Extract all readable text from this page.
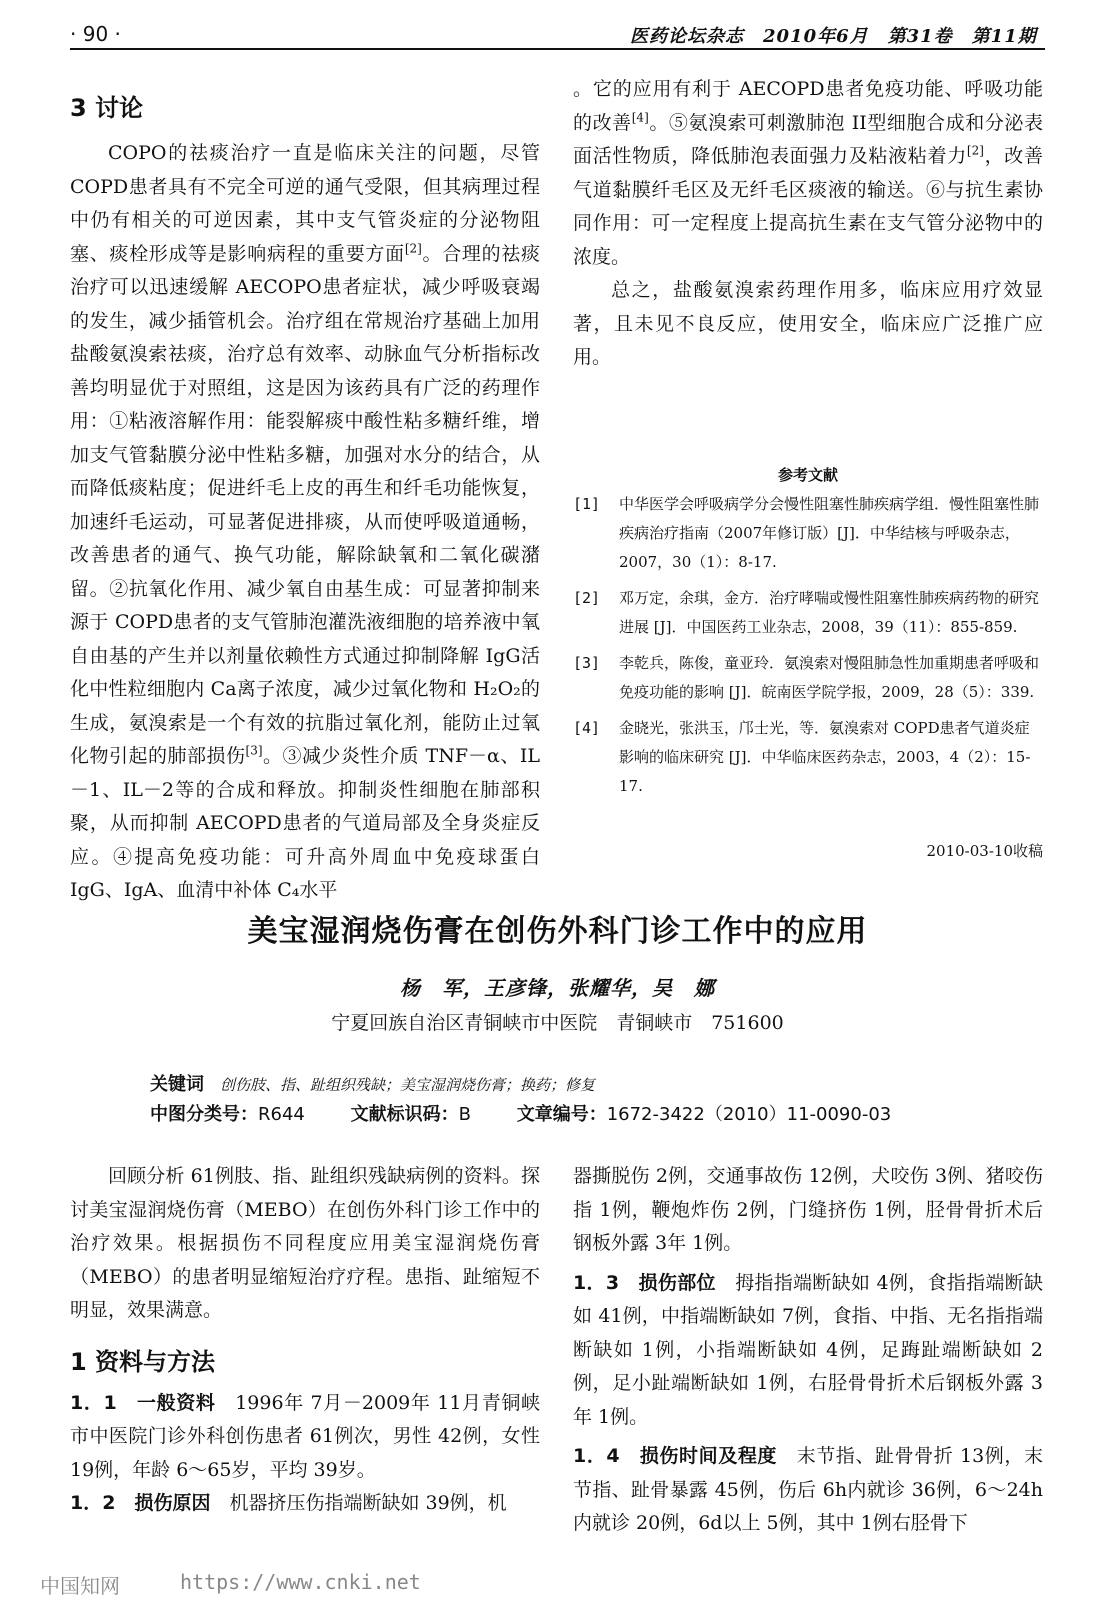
· 90 ·	医药论坛杂志　2010年6月　第31卷　第11期
3 讨论

COPO的祛痰治疗一直是临床关注的问题，尽管 COPD患者具有不完全可逆的通气受限，但其病理过程中仍有相关的可逆因素，其中支气管炎症的分泌物阻塞、痰栓形成等是影响病程的重要方面[2]。合理的祛痰治疗可以迅速缓解 AECOPO患者症状，减少呼吸衰竭的发生，减少插管机会。治疗组在常规治疗基础上加用盐酸氨溴索祛痰，治疗总有效率、动脉血气分析指标改善均明显优于对照组，这是因为该药具有广泛的药理作用：①粘液溶解作用：能裂解痰中酸性粘多糖纤维，增加支气管黏膜分泌中性粘多糖，加强对水分的结合，从而降低痰粘度；促进纤毛上皮的再生和纤毛功能恢复，加速纤毛运动，可显著促进排痰，从而使呼吸道通畅，改善患者的通气、换气功能，解除缺氧和二氧化碳潴留。②抗氧化作用、减少氧自由基生成：可显著抑制来源于 COPD患者的支气管肺泡灌洗液细胞的培养液中氧自由基的产生并以剂量依赖性方式通过抑制降解 IgG活化中性粒细胞内 Ca离子浓度，减少过氧化物和 H₂O₂的生成，氨溴索是一个有效的抗脂过氧化剂，能防止过氧化物引起的肺部损伤[3]。③减少炎性介质 TNF－α、IL－1、IL－2等的合成和释放。抑制炎性细胞在肺部积聚，从而抑制 AECOPD患者的气道局部及全身炎症反应。④提高免疫功能：可升高外周血中免疫球蛋白 IgG、IgA、血清中补体 C₄水平

。它的应用有利于 AECOPD患者免疫功能、呼吸功能的改善[4]。⑤氨溴索可刺激肺泡 II型细胞合成和分泌表面活性物质，降低肺泡表面强力及粘液粘着力[2]，改善气道黏膜纤毛区及无纤毛区痰液的输送。⑥与抗生素协同作用：可一定程度上提高抗生素在支气管分泌物中的浓度。

总之，盐酸氨溴索药理作用多，临床应用疗效显著，且未见不良反应，使用安全，临床应广泛推广应用。

参考文献
[1]	中华医学会呼吸病学分会慢性阻塞性肺疾病学组．慢性阻塞性肺疾病治疗指南（2007年修订版）[J]．中华结核与呼吸杂志，2007，30（1）：8-17.
[2]	邓万定，余琪，金方．治疗哮喘或慢性阻塞性肺疾病药物的研究进展 [J]．中国医药工业杂志，2008，39（11）：855-859.
[3]	李乾兵，陈俊，童亚玲．氨溴索对慢阻肺急性加重期患者呼吸和免疫功能的影响 [J]．皖南医学院学报，2009，28（5）：339.
[4]	金晓光，张洪玉，邝士光，等．氨溴索对 COPD患者气道炎症影响的临床研究 [J]．中华临床医药杂志，2003，4（2）：15-17.
2010-03-10收稿
美宝湿润烧伤膏在创伤外科门诊工作中的应用
杨　军，王彦锋，张耀华，吴　娜
宁夏回族自治区青铜峡市中医院　青铜峡市　751600
关键词 创伤肢、指、趾组织残缺；美宝湿润烧伤膏；换药；修复
中图分类号：R644	文献标识码：B	文章编号：1672-3422（2010）11-0090-03

回顾分析 61例肢、指、趾组织残缺病例的资料。探讨美宝湿润烧伤膏（MEBO）在创伤外科门诊工作中的治疗效果。根据损伤不同程度应用美宝湿润烧伤膏（MEBO）的患者明显缩短治疗疗程。患指、趾缩短不明显，效果满意。

1 资料与方法

1．1　一般资料　1996年 7月－2009年 11月青铜峡市中医院门诊外科创伤患者 61例次，男性 42例，女性 19例，年龄 6～65岁，平均 39岁。

1．2　损伤原因　机器挤压伤指端断缺如 39例，机

器撕脱伤 2例，交通事故伤 12例，犬咬伤 3例、猪咬伤指 1例，鞭炮炸伤 2例，门缝挤伤 1例，胫骨骨折术后钢板外露 3年 1例。

1．3　损伤部位　拇指指端断缺如 4例，食指指端断缺如 41例，中指端断缺如 7例，食指、中指、无名指指端断缺如 1例，小指端断缺如 4例，足踇趾端断缺如 2例，足小趾端断缺如 1例，右胫骨骨折术后钢板外露 3年 1例。

1．4　损伤时间及程度　末节指、趾骨骨折 13例，末节指、趾骨暴露 45例，伤后 6h内就诊 36例，6～24h内就诊 20例，6d以上 5例，其中 1例右胫骨下

中国知网	https://www.cnki.net
